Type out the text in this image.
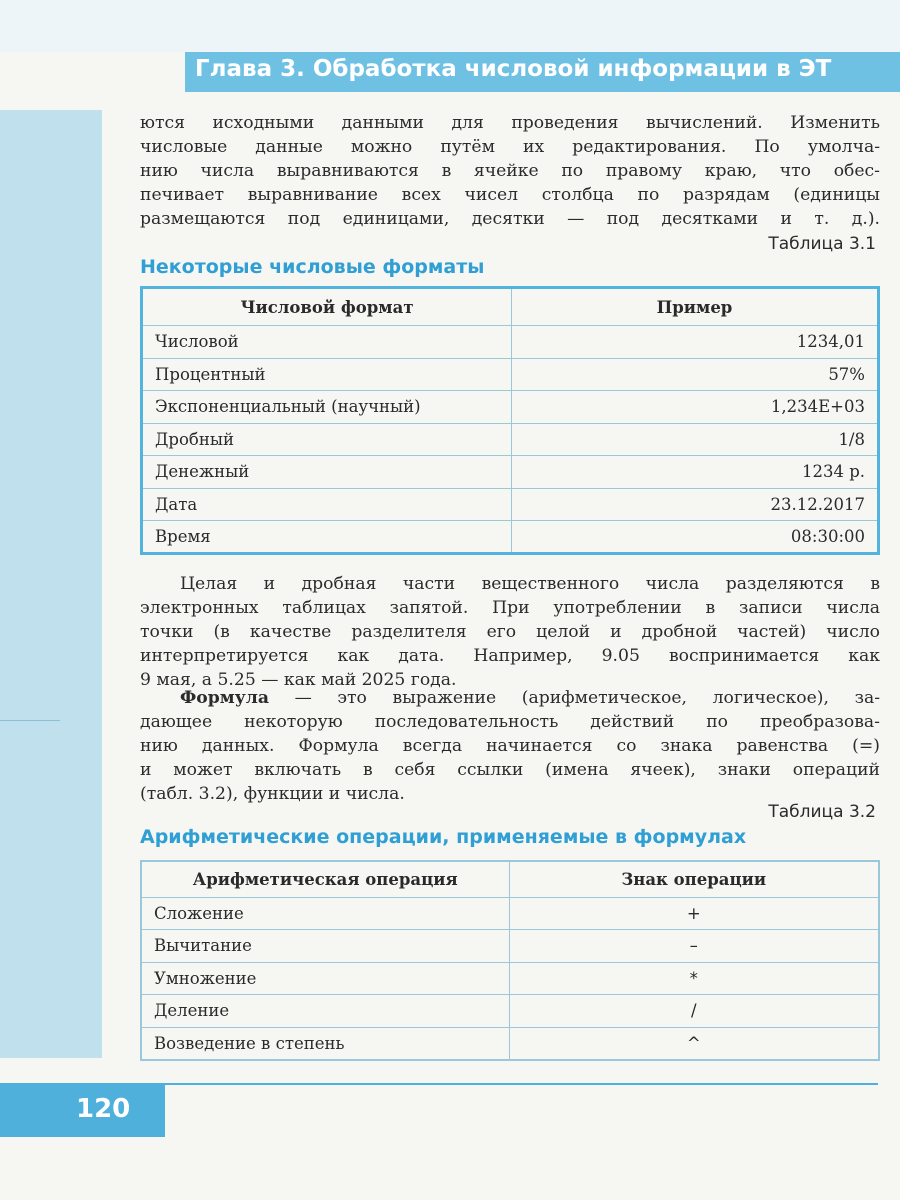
Глава 3. Обработка числовой информации в ЭТ

ются исходными данными для проведения вычислений. Изменить

числовые данные можно путём их редактирования. По умолча-

нию числа выравниваются в ячейке по правому краю, что обес-

печивает выравнивание всех чисел столбца по разрядам (единицы

размещаются под единицами, десятки — под десятками и т. д.).

Таблица 3.1
Некоторые числовые форматы
Числовой формат	Пример
Числовой	1234,01
Процентный	57%
Экспоненциальный (научный)	1,234E+03
Дробный	1/8
Денежный	1234 р.
Дата	23.12.2017
Время	08:30:00

Целая и дробная части вещественного числа разделяются в

электронных таблицах запятой. При употреблении в записи числа

точки (в качестве разделителя его целой и дробной частей) число

интерпретируется как дата. Например, 9.05 воспринимается как

9 мая, а 5.25 — как май 2025 года.

Формула — это выражение (арифметическое, логическое), за-

дающее некоторую последовательность действий по преобразова-

нию данных. Формула всегда начинается со знака равенства (=)

и может включать в себя ссылки (имена ячеек), знаки операций

(табл. 3.2), функции и числа.

Таблица 3.2
Арифметические операции, применяемые в формулах
Арифметическая операция	Знак операции
Сложение	+
Вычитание	–
Умножение	*
Деление	/
Возведение в степень	^
120
